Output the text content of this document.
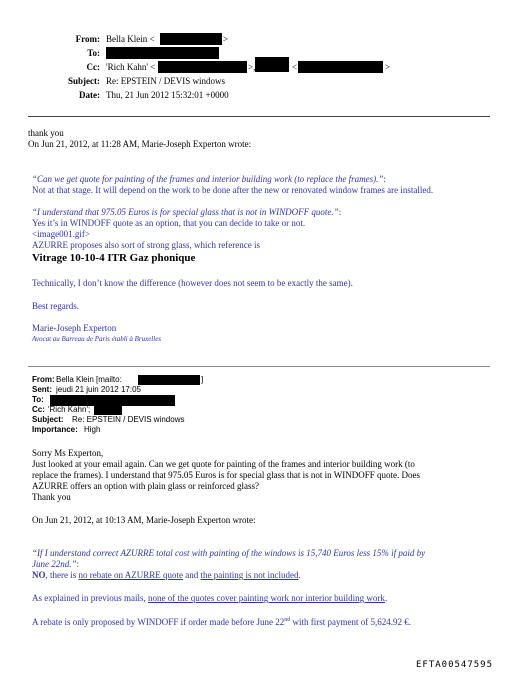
From: Bella Klein <	>
To:
Cc: 'Rich Kahn' <	>,	<	>
Subject: Re: EPSTEIN / DEVIS windows
Date: Thu, 21 Jun 2012 15:32:01 +0000
thank you
On Jun 21, 2012, at 11:28 AM, Marie-Joseph Experton wrote:
“Can we get quote for painting of the frames and interior building work (to replace the frames).”:
Not at that stage. It will depend on the work to be done after the new or renovated window frames are installed.
“I understand that 975.05 Euros is for special glass that is not in WINDOFF quote.”:
Yes it’s in WINDOFF quote as an option, that you can decide to take or not.
<image001.gif>
AZURRE proposes also sort of strong glass, which reference is
Vitrage 10-10-4 ITR Gaz phonique
Technically, I don’t know the difference (however does not seem to be exactly the same).
Best regards.
Marie-Joseph Experton
Avocat au Barreau de Paris établi à Bruxelles
From: Bella Klein [mailto:	]
Sent: jeudi 21 juin 2012 17:05
To:
Cc: 'Rich Kahn';
Subject: Re: EPSTEIN / DEVIS windows
Importance: High
Sorry Ms Experton,
Just looked at your email again. Can we get quote for painting of the frames and interior building work (to
replace the frames). I understand that 975.05 Euros is for special glass that is not in WINDOFF quote. Does
AZURRE offers an option with plain glass or reinforced glass?
Thank you
On Jun 21, 2012, at 10:13 AM, Marie-Joseph Experton wrote:
“If I understand correct AZURRE total cost with painting of the windows is 15,740 Euros less 15% if paid by
June 22nd.”:
NO, there is no rebate on AZURRE quote and the painting is not included.
As explained in previous mails, none of the quotes cover painting work nor interior building work.
A rebate is only proposed by WINDOFF if order made before June 22nd with first payment of 5,624.92 €.
EFTA00547595
